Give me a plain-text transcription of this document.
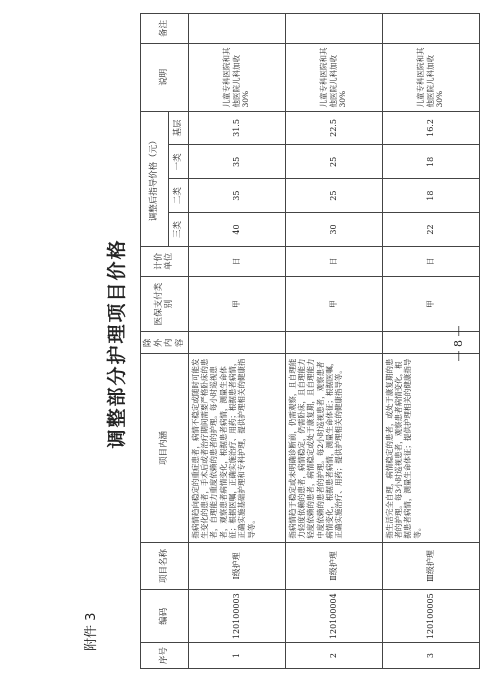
附件 3
调整部分护理项目价格
序号	编码	项目名称	项目内涵	除外内容	医保支付类别	计价单位	调整后指导价格（元）				说明	备注
							三类	二类	一类	基层		
1	120100003	Ⅰ级护理	指病情趋向稳定的重症患者，病情不稳定或随时可能发生变化的患者，手术后或者治疗期间需要严格卧床的患者，自理能力重度依赖的患者的护理。每小时巡视患者，观察患者病情变化，根据患者病情，测量生命体征；根据医嘱，正确实施治疗、用药；根据患者病情，正确实施基础护理和专科护理，提供护理相关的健康指导等。		甲	日	40	35	35	31.5	儿童专科医院和其他医院儿科加收30%	
2	120100004	Ⅱ级护理	指病情趋于稳定或未明确诊断前，仍需观察，且自理能力轻度依赖的患者，病情稳定，仍需卧床，且自理能力轻度依赖的患者，病情稳定或处于康复期，且自理能力中度依赖的患者的护理。每2小时巡视患者，观察患者病情变化，根据患者病情，测量生命体征；根据医嘱，正确实施治疗、用药；提供护理相关的健康指导等。		甲	日	30	25	25	22.5	儿童专科医院和其他医院儿科加收30%	
3	120100005	Ⅲ级护理	指生活完全自理，病情稳定的患者，或处于康复期的患者的护理。每3小时巡视患者，观察患者病情变化，根据患者病情，测量生命体征；提供护理相关的健康指导等。		甲	日	22	18	18	16.2	儿童专科医院和其他医院儿科加收30%	
— 8 —
